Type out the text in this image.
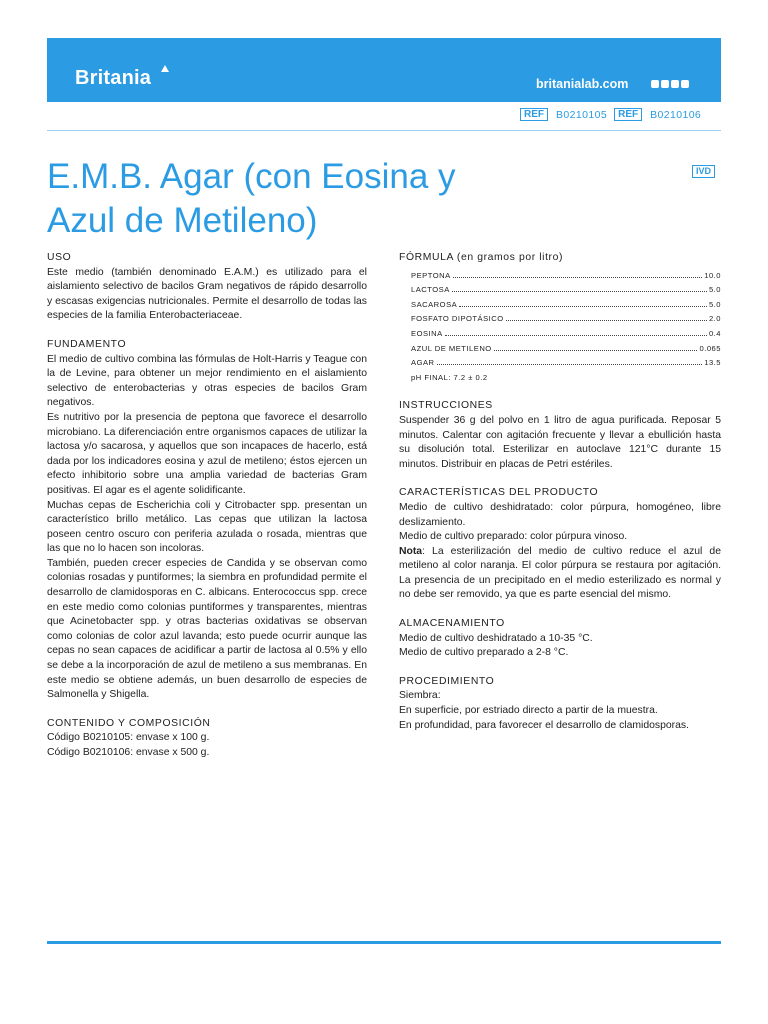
Britania	britanialab.com
REF	B0210105	REF	B0210106
E.M.B. Agar (con Eosina y Azul de Metileno)
IVD
USO

Este medio (también denominado E.A.M.) es utilizado para el aislamiento selectivo de bacilos Gram negativos de rápido desarrollo y escasas exigencias nutricionales. Permite el desarrollo de todas las especies de la familia Enterobacteriaceae.

FUNDAMENTO

El medio de cultivo combina las fórmulas de Holt-Harris y Teague con la de Levine, para obtener un mejor rendimiento en el aislamiento selectivo de enterobacterias y otras especies de bacilos Gram negativos.

Es nutritivo por la presencia de peptona que favorece el desarrollo microbiano. La diferenciación entre organismos capaces de utilizar la lactosa y/o sacarosa, y aquellos que son incapaces de hacerlo, está dada por los indicadores eosina y azul de metileno; éstos ejercen un efecto inhibitorio sobre una amplia variedad de bacterias Gram positivas. El agar es el agente solidificante.

Muchas cepas de Escherichia coli y Citrobacter spp. presentan un característico brillo metálico. Las cepas que utilizan la lactosa poseen centro oscuro con periferia azulada o rosada, mientras que las que no lo hacen son incoloras.

También, pueden crecer especies de Candida y se observan como colonias rosadas y puntiformes; la siembra en profundidad permite el desarrollo de clamidosporas en C. albicans. Enterococcus spp. crece en este medio como colonias puntiformes y transparentes, mientras que Acinetobacter spp. y otras bacterias oxidativas se observan como colonias de color azul lavanda; esto puede ocurrir aunque las cepas no sean capaces de acidificar a partir de lactosa al 0.5% y ello se debe a la incorporación de azul de metileno a sus membranas. En este medio se obtiene además, un buen desarrollo de especies de Salmonella y Shigella.

CONTENIDO Y COMPOSICIÓN

Código B0210105: envase x 100 g.

Código B0210106: envase x 500 g.

FÓRMULA (en gramos por litro)
PEPTONA	10.0
LACTOSA	5.0
SACAROSA	5.0
FOSFATO DIPOTÁSICO	2.0
EOSINA	0.4
AZUL DE METILENO	0.065
AGAR	13.5
pH FINAL: 7.2 ± 0.2
INSTRUCCIONES

Suspender 36 g del polvo en 1 litro de agua purificada. Reposar 5 minutos. Calentar con agitación frecuente y llevar a ebullición hasta su disolución total. Esterilizar en autoclave 121°C durante 15 minutos. Distribuir en placas de Petri estériles.

CARACTERÍSTICAS DEL PRODUCTO

Medio de cultivo deshidratado: color púrpura, homogéneo, libre deslizamiento.

Medio de cultivo preparado: color púrpura vinoso.

Nota: La esterilización del medio de cultivo reduce el azul de metileno al color naranja. El color púrpura se restaura por agitación. La presencia de un precipitado en el medio esterilizado es normal y no debe ser removido, ya que es parte esencial del mismo.

ALMACENAMIENTO

Medio de cultivo deshidratado a 10-35 °C.

Medio de cultivo preparado a 2-8 °C.

PROCEDIMIENTO

Siembra:

En superficie, por estriado directo a partir de la muestra.

En profundidad, para favorecer el desarrollo de clamidosporas.
